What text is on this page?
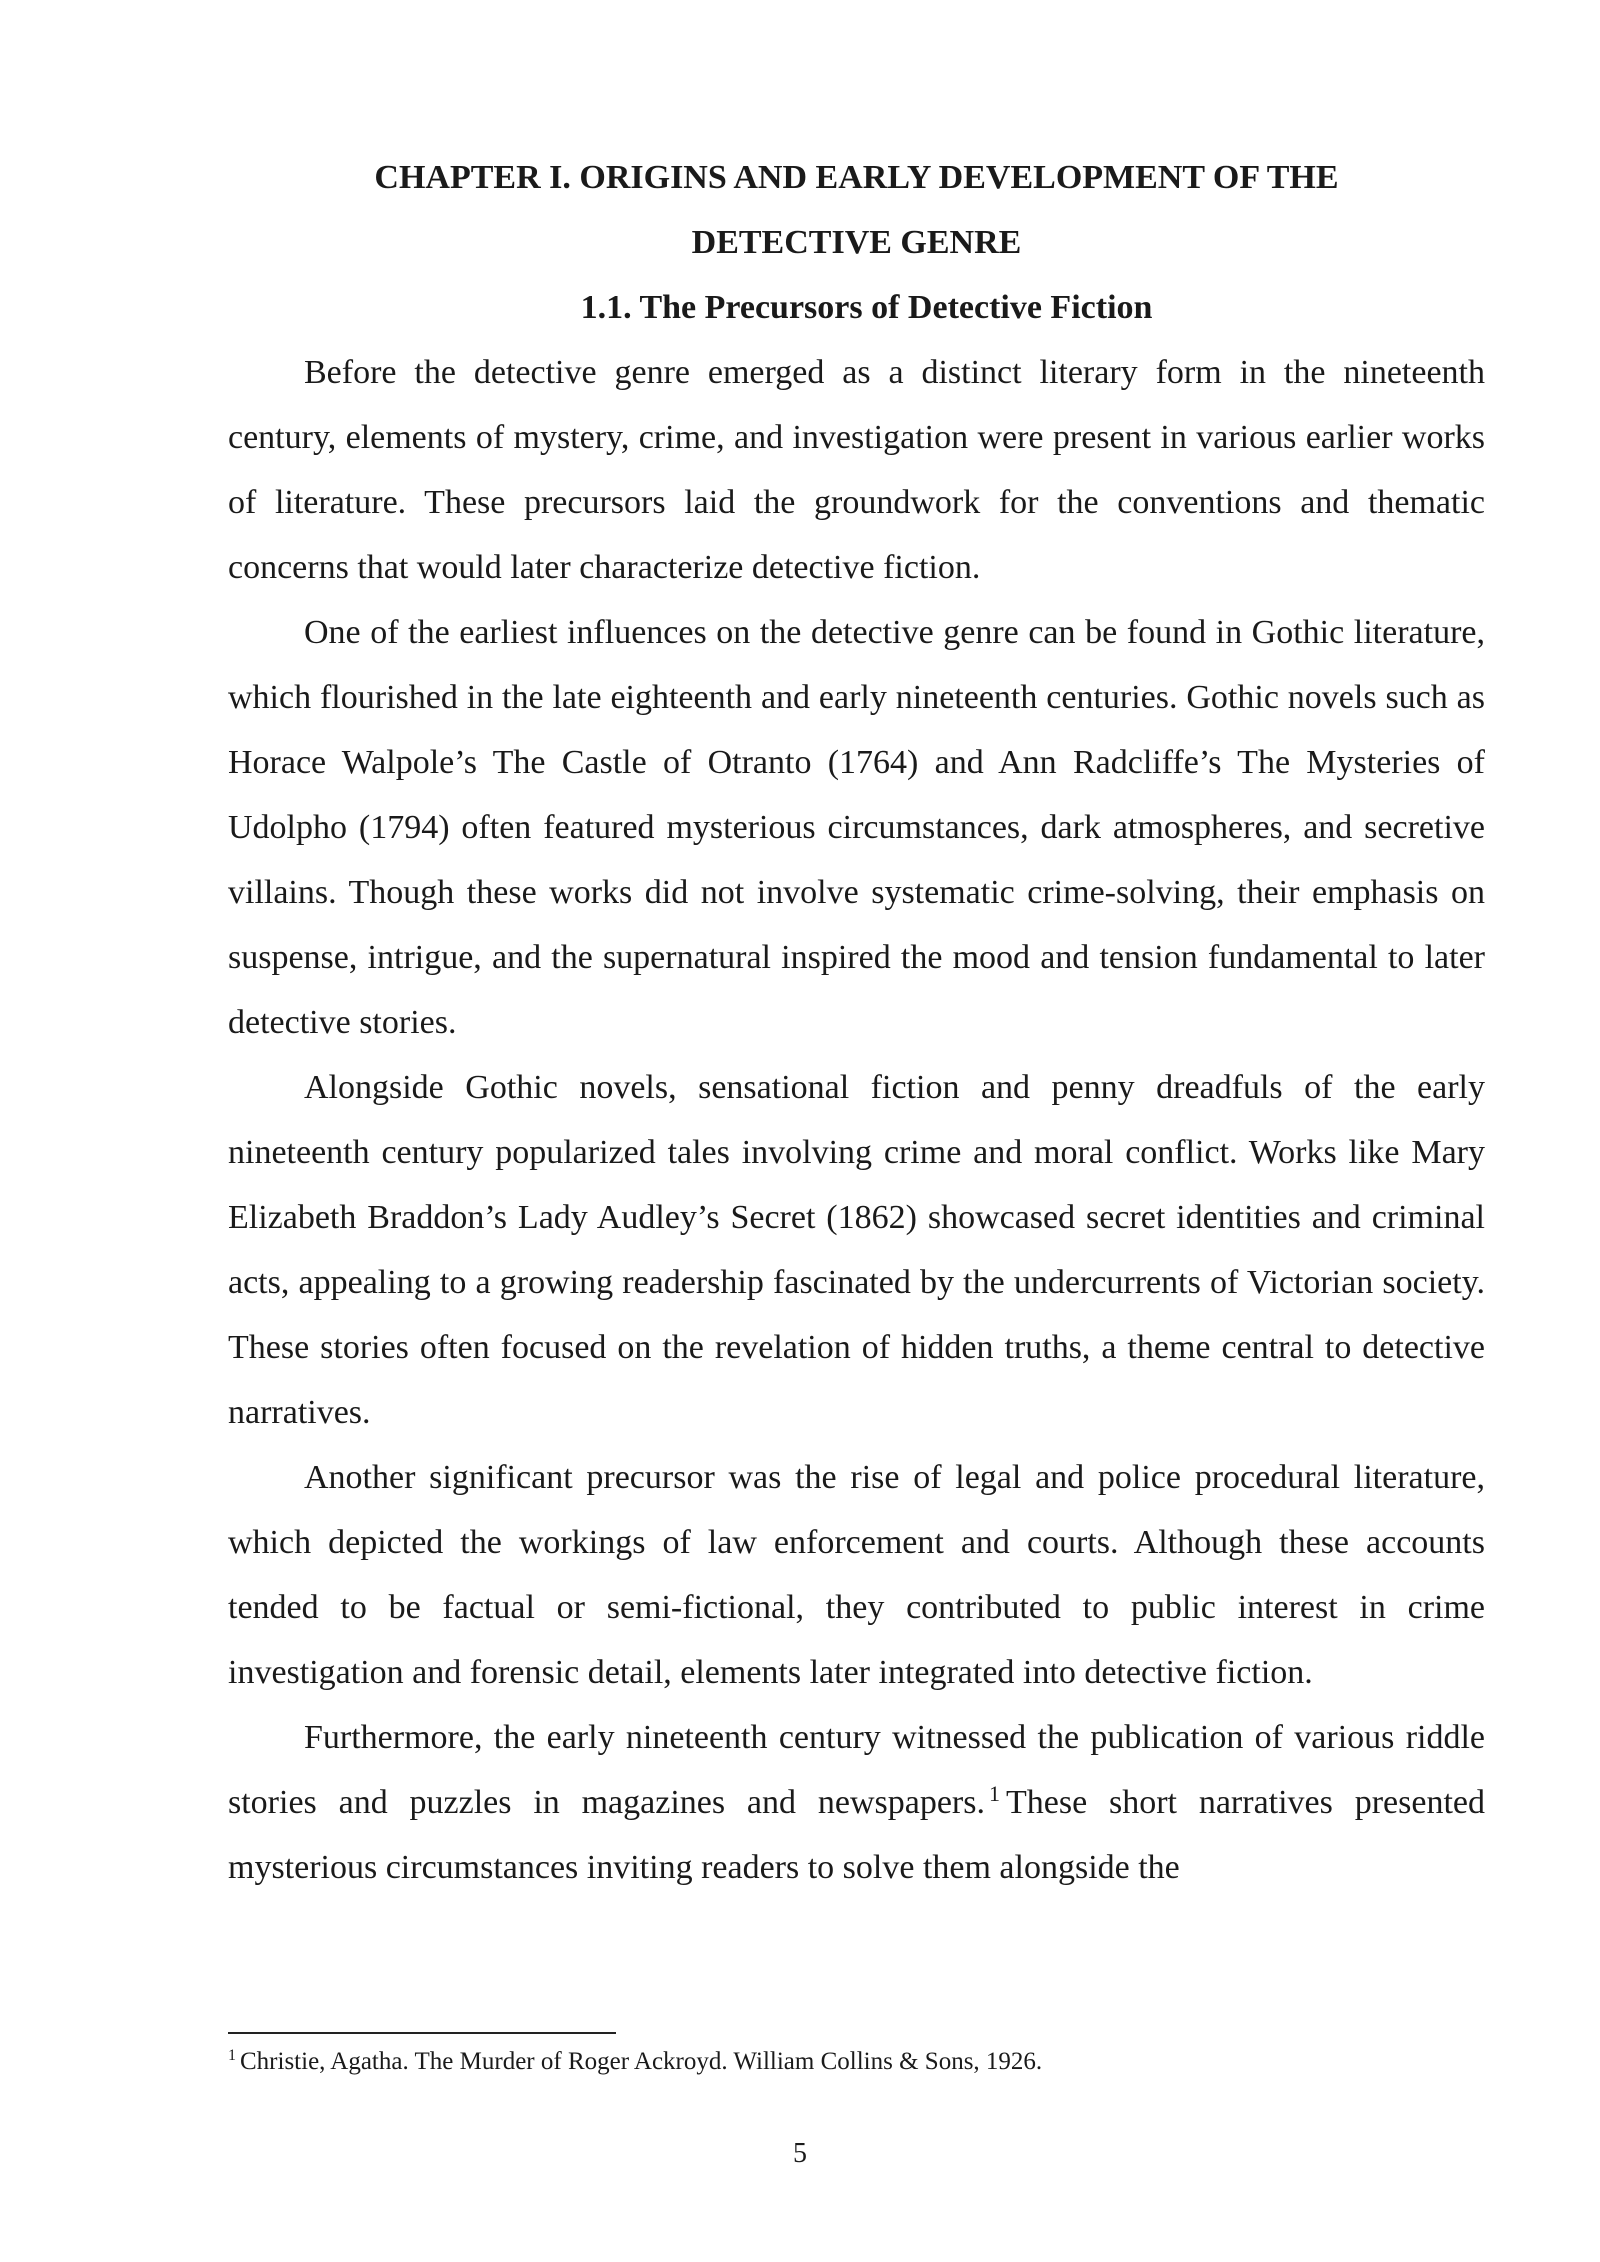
CHAPTER I. ORIGINS AND EARLY DEVELOPMENT OF THE
DETECTIVE GENRE
1.1. The Precursors of Detective Fiction

Before the detective genre emerged as a distinct literary form in the nineteenth century, elements of mystery, crime, and investigation were present in various earlier works of literature. These precursors laid the groundwork for the conventions and thematic concerns that would later characterize detective fiction.

One of the earliest influences on the detective genre can be found in Gothic literature, which flourished in the late eighteenth and early nineteenth centuries. Gothic novels such as Horace Walpole’s The Castle of Otranto (1764) and Ann Radcliffe’s The Mysteries of Udolpho (1794) often featured mysterious circumstances, dark atmospheres, and secretive villains. Though these works did not involve systematic crime-solving, their emphasis on suspense, intrigue, and the supernatural inspired the mood and tension fundamental to later detective stories.

Alongside Gothic novels, sensational fiction and penny dreadfuls of the early nineteenth century popularized tales involving crime and moral conflict. Works like Mary Elizabeth Braddon’s Lady Audley’s Secret (1862) showcased secret identities and criminal acts, appealing to a growing readership fascinated by the undercurrents of Victorian society. These stories often focused on the revelation of hidden truths, a theme central to detective narratives.

Another significant precursor was the rise of legal and police procedural literature, which depicted the workings of law enforcement and courts. Although these accounts tended to be factual or semi-fictional, they contributed to public interest in crime investigation and forensic detail, elements later integrated into detective fiction.

Furthermore, the early nineteenth century witnessed the publication of various riddle stories and puzzles in magazines and newspapers. $^1$ These short narratives presented mysterious circumstances inviting readers to solve them alongside the

$^1$ Christie, Agatha. The Murder of Roger Ackroyd. William Collins & Sons, 1926.
5
